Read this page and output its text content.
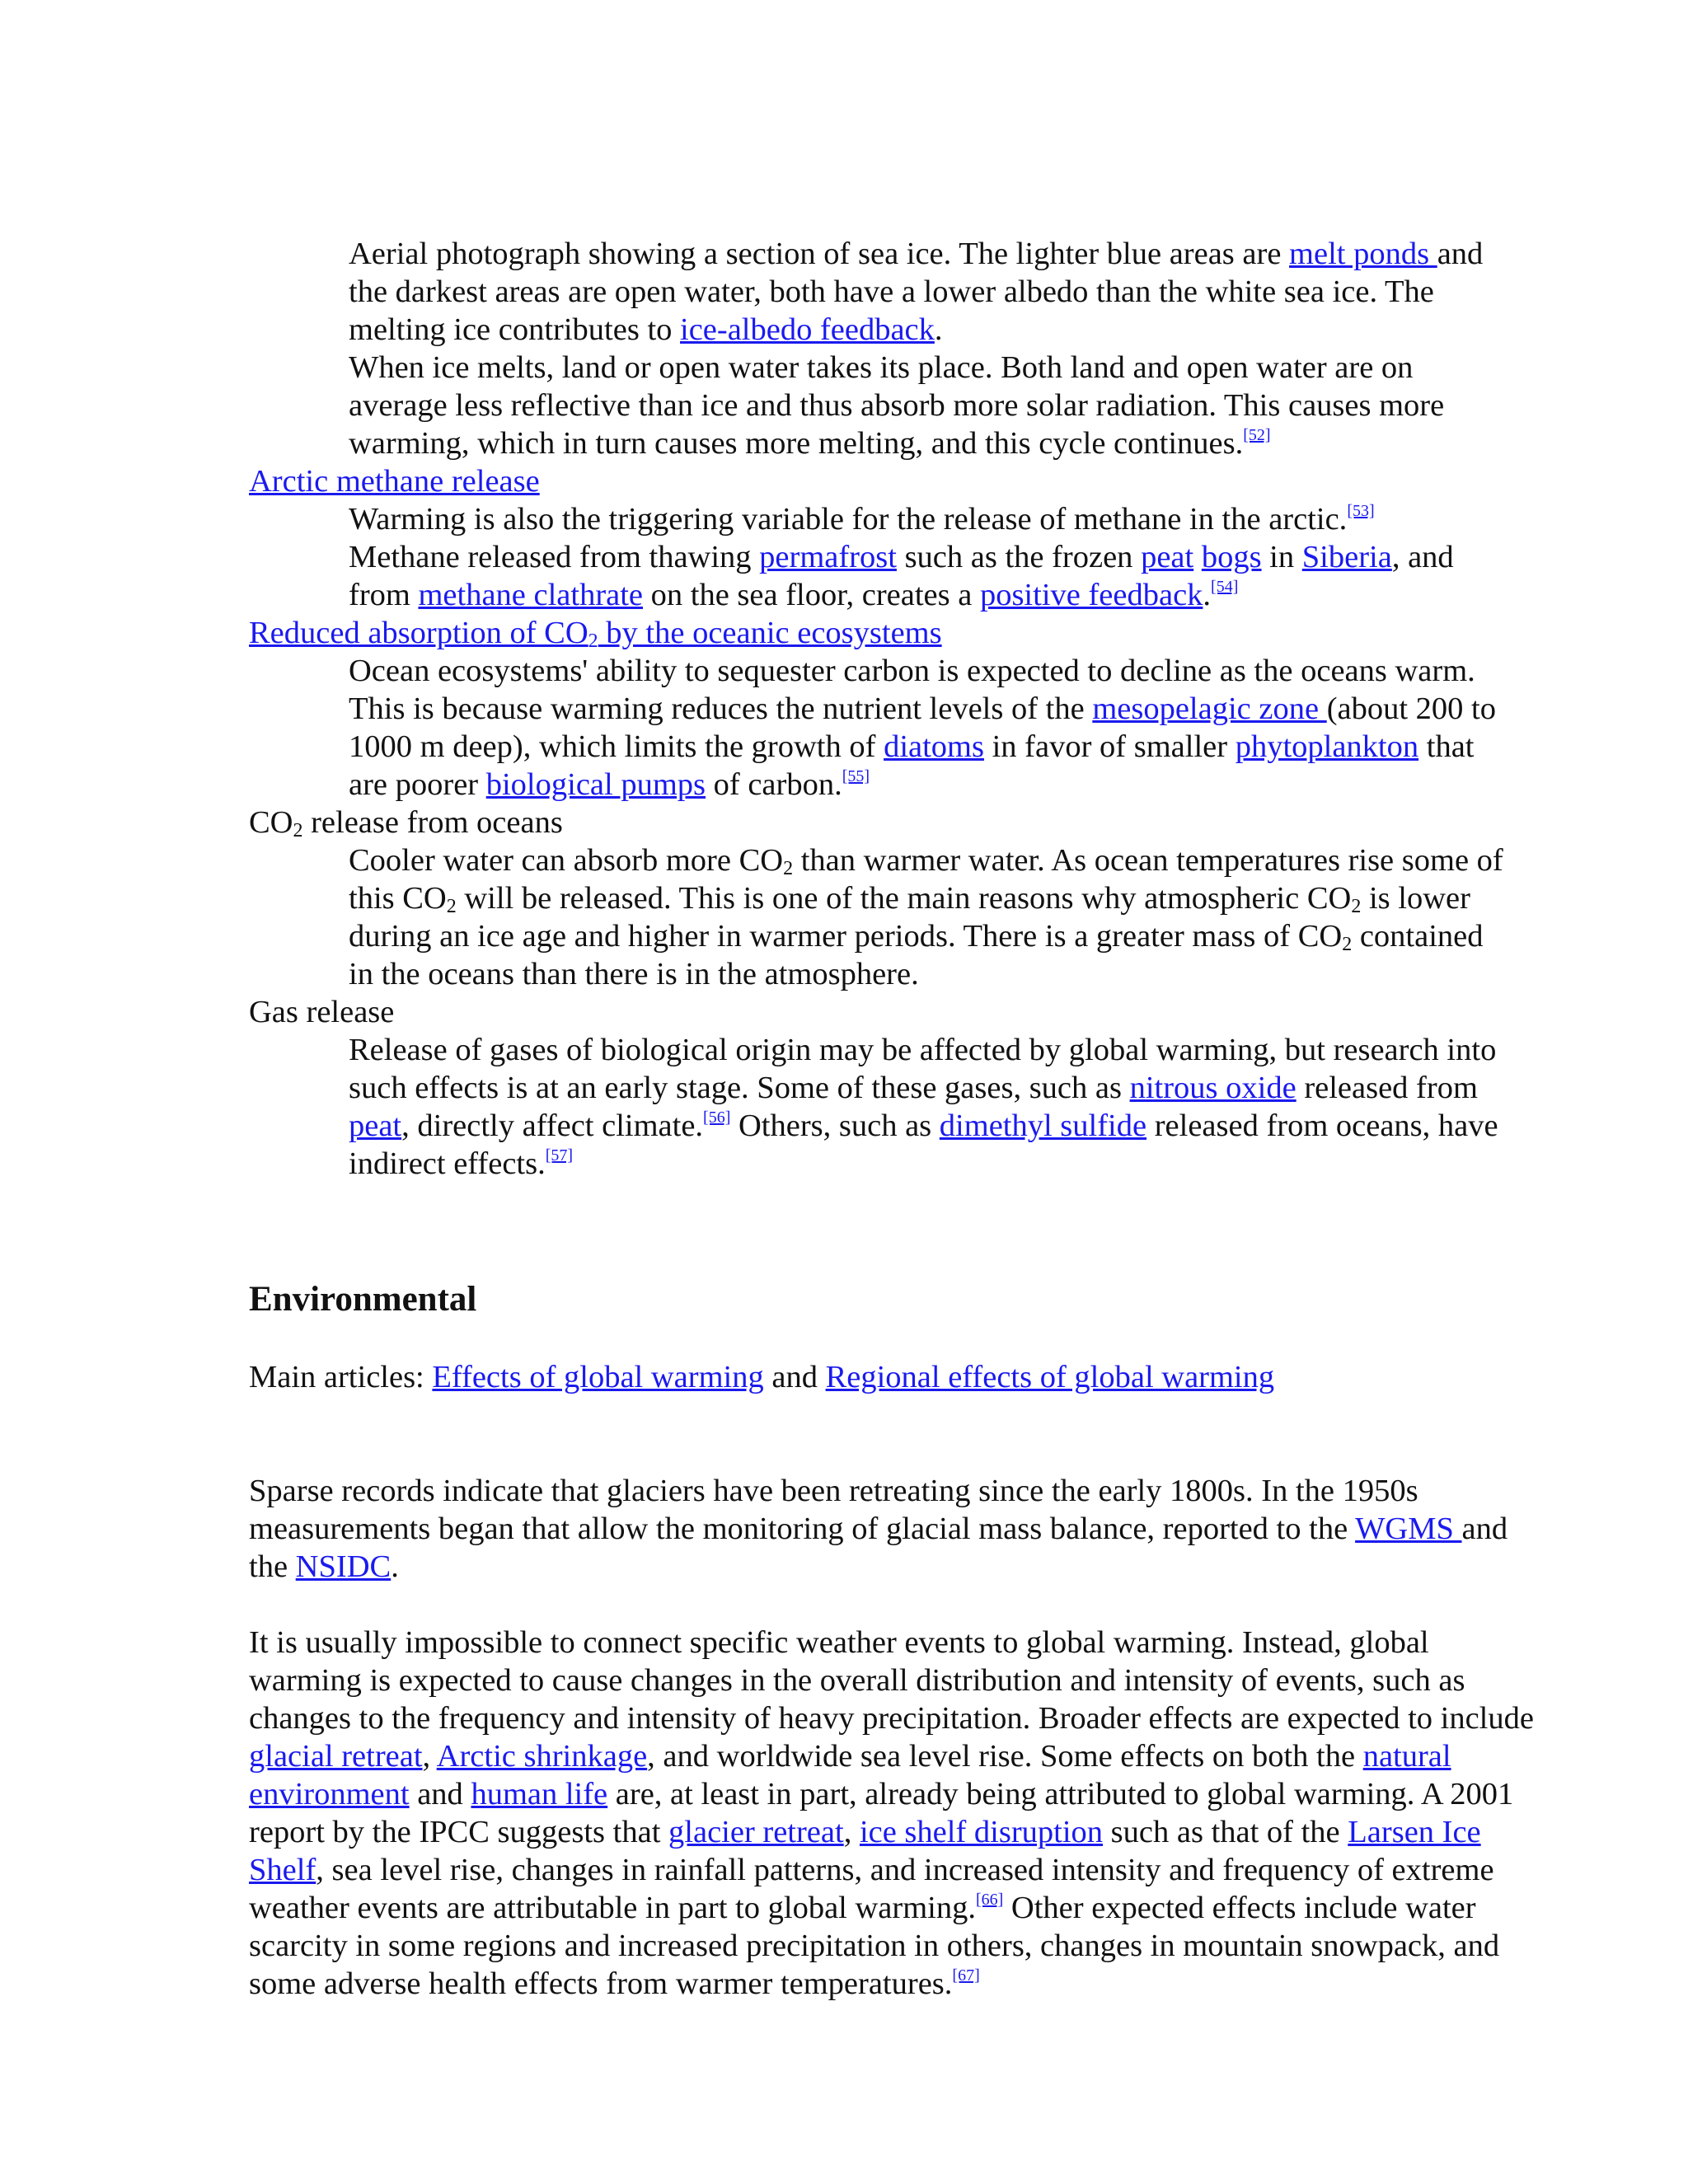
Aerial photograph showing a section of sea ice. The lighter blue areas are melt ponds and the darkest areas are open water, both have a lower albedo than the white sea ice. The melting ice contributes to ice-albedo feedback.

When ice melts, land or open water takes its place. Both land and open water are on average less reflective than ice and thus absorb more solar radiation. This causes more warming, which in turn causes more melting, and this cycle continues.[52]

Arctic methane release

Warming is also the triggering variable for the release of methane in the arctic.[53]

Methane released from thawing permafrost such as the frozen peat bogs in Siberia, and from methane clathrate on the sea floor, creates a positive feedback.[54]

Reduced absorption of $CO_2$ by the oceanic ecosystems

Ocean ecosystems' ability to sequester carbon is expected to decline as the oceans warm. This is because warming reduces the nutrient levels of the mesopelagic zone (about 200 to 1000 m deep), which limits the growth of diatoms in favor of smaller phytoplankton that are poorer biological pumps of carbon.[55]

$CO_2$ release from oceans

Cooler water can absorb more $CO_2$ than warmer water. As ocean temperatures rise some of this $CO_2$ will be released. This is one of the main reasons why atmospheric $CO_2$ is lower during an ice age and higher in warmer periods. There is a greater mass of $CO_2$ contained in the oceans than there is in the atmosphere.

Gas release

Release of gases of biological origin may be affected by global warming, but research into such effects is at an early stage. Some of these gases, such as nitrous oxide released from peat, directly affect climate.[56] Others, such as dimethyl sulfide released from oceans, have indirect effects.[57]

Environmental

Main articles: Effects of global warming and Regional effects of global warming

Sparse records indicate that glaciers have been retreating since the early 1800s. In the 1950s measurements began that allow the monitoring of glacial mass balance, reported to the WGMS and the NSIDC.

It is usually impossible to connect specific weather events to global warming. Instead, global warming is expected to cause changes in the overall distribution and intensity of events, such as changes to the frequency and intensity of heavy precipitation. Broader effects are expected to include glacial retreat, Arctic shrinkage, and worldwide sea level rise. Some effects on both the natural environment and human life are, at least in part, already being attributed to global warming. A 2001 report by the IPCC suggests that glacier retreat, ice shelf disruption such as that of the Larsen Ice Shelf, sea level rise, changes in rainfall patterns, and increased intensity and frequency of extreme weather events are attributable in part to global warming.[66] Other expected effects include water scarcity in some regions and increased precipitation in others, changes in mountain snowpack, and some adverse health effects from warmer temperatures.[67]
